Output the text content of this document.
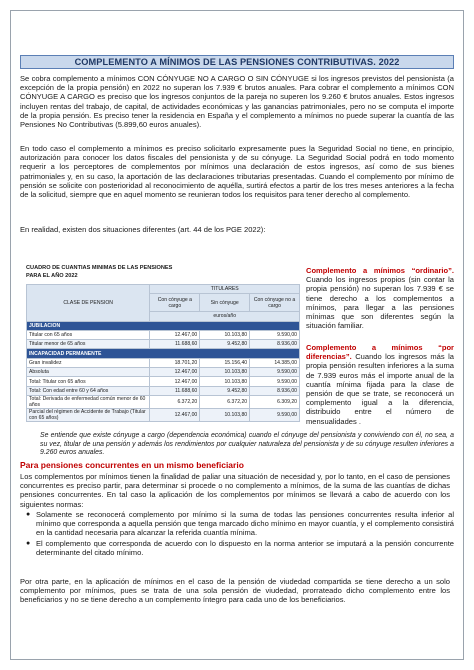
COMPLEMENTO A MÍNIMOS DE LAS PENSIONES CONTRIBUTIVAS. 2022

Se cobra complemento a mínimos CON CÓNYUGE NO A CARGO O SIN CÓNYUGE si los ingresos previstos del pensionista (a excepción de la propia pensión) en 2022 no superan los 7.939 € brutos anuales. Para cobrar el complemento a mínimos CON CÓNYUGE A CARGO es preciso que los ingresos conjuntos de la pareja no superen los 9.260 € brutos anuales. Estos ingresos incluyen rentas del trabajo, de capital, de actividades económicas y las ganancias patrimoniales, pero no se computa el importe de la propia pensión. Es preciso tener la residencia en España y el complemento a mínimos no puede superar la cuantía de las Pensiones No Contributivas (5.899,60 euros anuales).

En todo caso el complemento a mínimos es preciso solicitarlo expresamente pues la Seguridad Social no tiene, en principio, autorización para conocer los datos fiscales del pensionista y de su cónyuge. La Seguridad Social podrá en todo momento requerir a los perceptores de complementos por mínimos una declaración de estos ingresos, así como de sus bienes patrimoniales y, en su caso, la aportación de las declaraciones tributarias presentadas. Cuando el complemento por mínimo de pensión se solicite con posterioridad al reconocimiento de aquélla, surtirá efectos a partir de los tres meses anteriores a la fecha de la solicitud, siempre que en aquel momento se reunieran todos los requisitos para tener derecho al complemento.

En realidad, existen dos situaciones diferentes (art. 44 de los PGE 2022):

CUADRO DE CUANTIAS MINIMAS DE LAS PENSIONES
PARA EL AÑO 2022
CLASE DE PENSION	TITULARES		
	Con cónyuge a cargo	Sin cónyuge	Con cónyuge no a cargo
	euros/año		
JUBILACION			
Titular con 65 años	12.467,00	10.103,80	9.590,00
Titular menor de 65 años	11.688,60	9.452,80	8.936,00
INCAPACIDAD PERMANENTE			
Gran invalidez	18.701,20	15.156,40	14.385,00
Absoluta	12.467,00	10.103,80	9.590,00
Total: Titular con 65 años	12.467,00	10.103,80	9.590,00
Total: Con edad entre 60 y 64 años	11.688,60	9.452,80	8.936,00
Total: Derivada de enfermedad común menor de 60 años	6.372,20	6.372,20	6.309,20
Parcial del régimen de Accidente de Trabajo (Titular con 65 años)	12.467,00	10.103,80	9.590,00
Complemento a mínimos “ordinario”. Cuando los ingresos propios (sin contar la propia pensión) no superan los 7.939 € se tiene derecho a los complementos a mínimos, para llegar a las pensiones mínimas que son diferentes según la situación familiar.
Complemento a mínimos “por diferencias”. Cuando los ingresos más la propia pensión resulten inferiores a la suma de 7.939 euros más el importe anual de la cuantía mínima fijada para la clase de pensión de que se trate, se reconocerá un complemento igual a la diferencia, distribuido entre el número de mensualidades .

Se entiende que existe cónyuge a cargo (dependencia económica) cuando el cónyuge del pensionista y conviviendo con él, no sea, a su vez, titular de una pensión y además los rendimientos por cualquier naturaleza del pensionista y de su cónyuge resulten inferiores a 9.260 euros anuales.

Para pensiones concurrentes en un mismo beneficiario

Los complementos por mínimos tienen la finalidad de paliar una situación de necesidad y, por lo tanto, en el caso de pensiones concurrentes es preciso partir, para determinar si procede o no complemento a mínimos, de la suma de las cuantías de dichas pensiones concurrentes. En tal caso la aplicación de los complementos por mínimos se llevará a cabo de acuerdo con los siguientes normas:

● Solamente se reconocerá complemento por mínimo si la suma de todas las pensiones concurrentes resulta inferior al mínimo que corresponda a aquella pensión que tenga marcado dicho mínimo en mayor cuantía, y el complemento consistirá en la cantidad necesaria para alcanzar la referida cuantía mínima.
● El complemento que corresponda de acuerdo con lo dispuesto en la norma anterior se imputará a la pensión concurrente determinante del citado mínimo.

Por otra parte, en la aplicación de mínimos en el caso de la pensión de viudedad compartida se tiene derecho a un solo complemento por mínimos, pues se trata de una sola pensión de viudedad, prorrateado dicho complemento entre los beneficiarios y no se tiene derecho a un complemento íntegro para cada uno de los beneficiarios.
